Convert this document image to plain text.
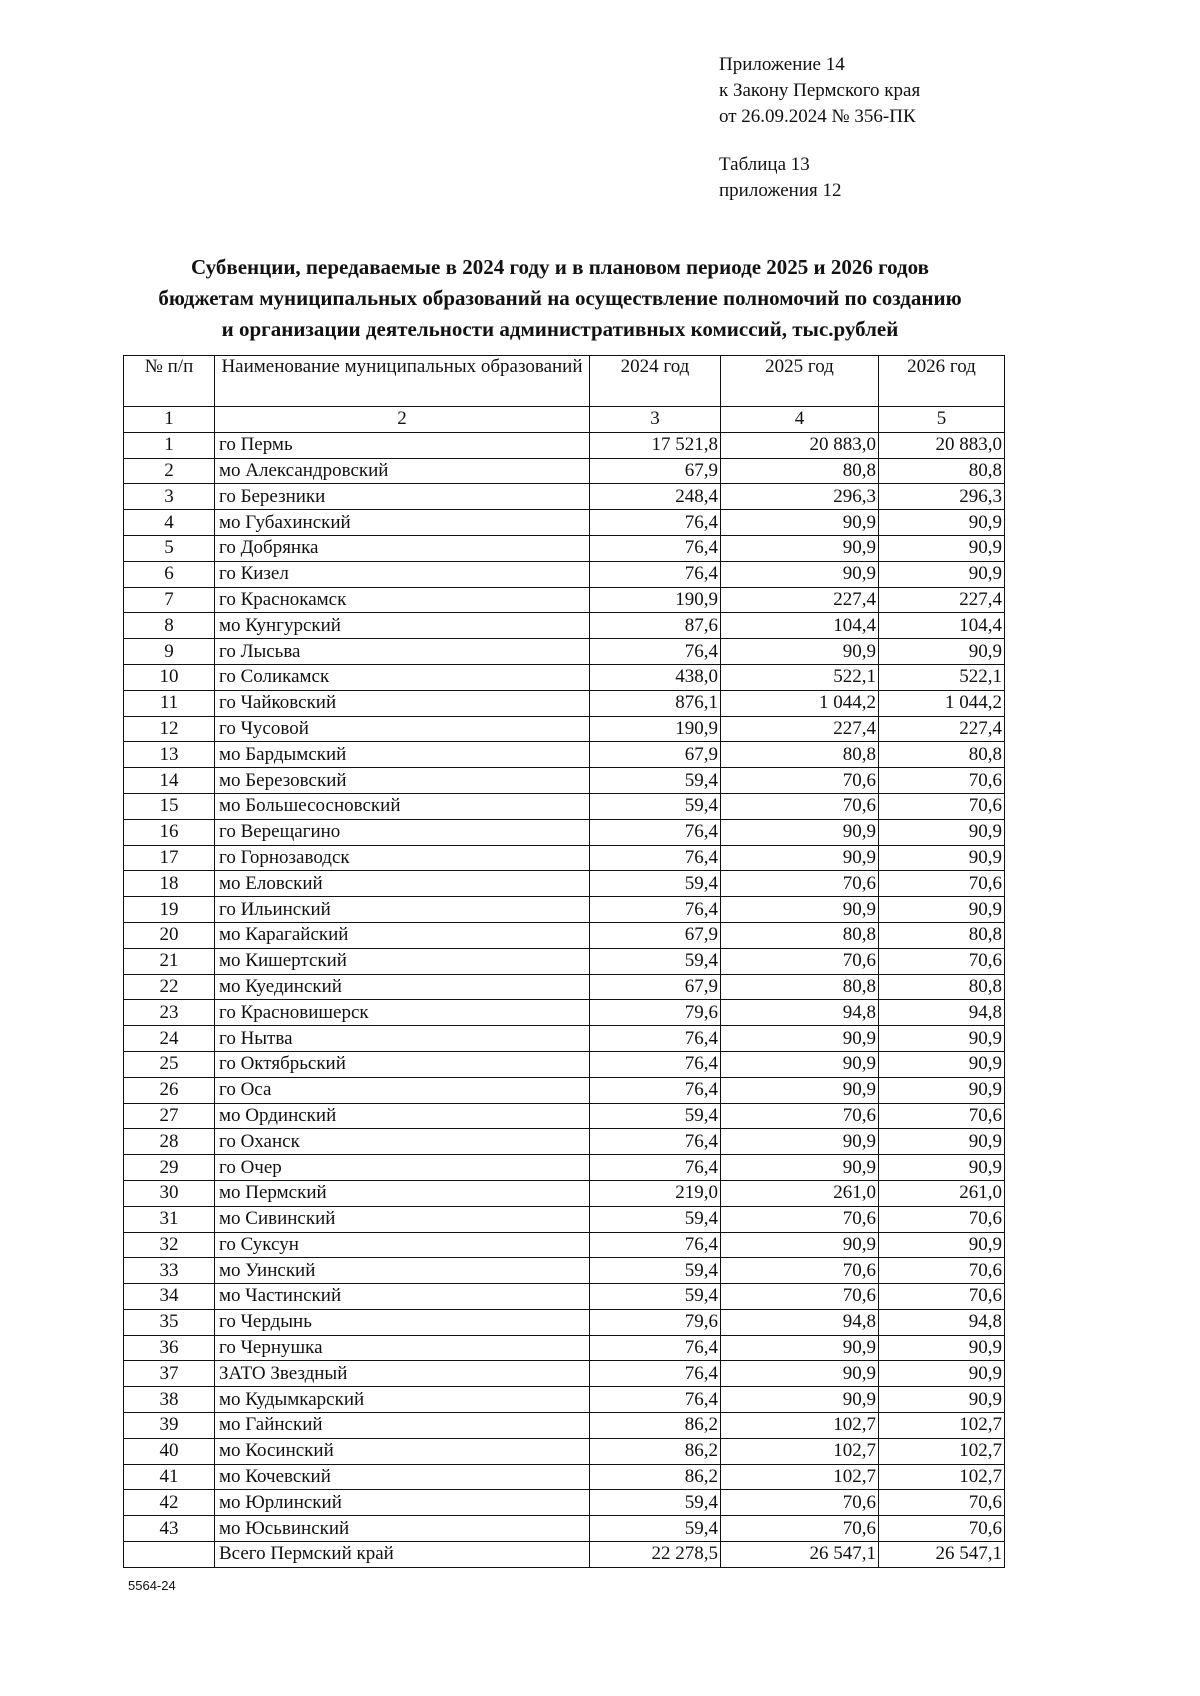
Приложение 14
к Закону Пермского края
от 26.09.2024 № 356-ПК
Таблица 13
приложения 12
Субвенции, передаваемые в 2024 году и в плановом периоде 2025 и 2026 годов
бюджетам муниципальных образований на осуществление полномочий по созданию
и организации деятельности административных комиссий, тыс.рублей
№ п/п	Наименование муниципальных образований	2024 год	2025 год	2026 год
1	2	3	4	5
1	го Пермь	17 521,8	20 883,0	20 883,0
2	мо Александровский	67,9	80,8	80,8
3	го Березники	248,4	296,3	296,3
4	мо Губахинский	76,4	90,9	90,9
5	го Добрянка	76,4	90,9	90,9
6	го Кизел	76,4	90,9	90,9
7	го Краснокамск	190,9	227,4	227,4
8	мо Кунгурский	87,6	104,4	104,4
9	го Лысьва	76,4	90,9	90,9
10	го Соликамск	438,0	522,1	522,1
11	го Чайковский	876,1	1 044,2	1 044,2
12	го Чусовой	190,9	227,4	227,4
13	мо Бардымский	67,9	80,8	80,8
14	мо Березовский	59,4	70,6	70,6
15	мо Большесосновский	59,4	70,6	70,6
16	го Верещагино	76,4	90,9	90,9
17	го Горнозаводск	76,4	90,9	90,9
18	мо Еловский	59,4	70,6	70,6
19	го Ильинский	76,4	90,9	90,9
20	мо Карагайский	67,9	80,8	80,8
21	мо Кишертский	59,4	70,6	70,6
22	мо Куединский	67,9	80,8	80,8
23	го Красновишерск	79,6	94,8	94,8
24	го Нытва	76,4	90,9	90,9
25	го Октябрьский	76,4	90,9	90,9
26	го Оса	76,4	90,9	90,9
27	мо Ординский	59,4	70,6	70,6
28	го Оханск	76,4	90,9	90,9
29	го Очер	76,4	90,9	90,9
30	мо Пермский	219,0	261,0	261,0
31	мо Сивинский	59,4	70,6	70,6
32	го Суксун	76,4	90,9	90,9
33	мо Уинский	59,4	70,6	70,6
34	мо Частинский	59,4	70,6	70,6
35	го Чердынь	79,6	94,8	94,8
36	го Чернушка	76,4	90,9	90,9
37	ЗАТО Звездный	76,4	90,9	90,9
38	мо Кудымкарский	76,4	90,9	90,9
39	мо Гайнский	86,2	102,7	102,7
40	мо Косинский	86,2	102,7	102,7
41	мо Кочевский	86,2	102,7	102,7
42	мо Юрлинский	59,4	70,6	70,6
43	мо Юсьвинский	59,4	70,6	70,6
	Всего Пермский край	22 278,5	26 547,1	26 547,1
5564-24
